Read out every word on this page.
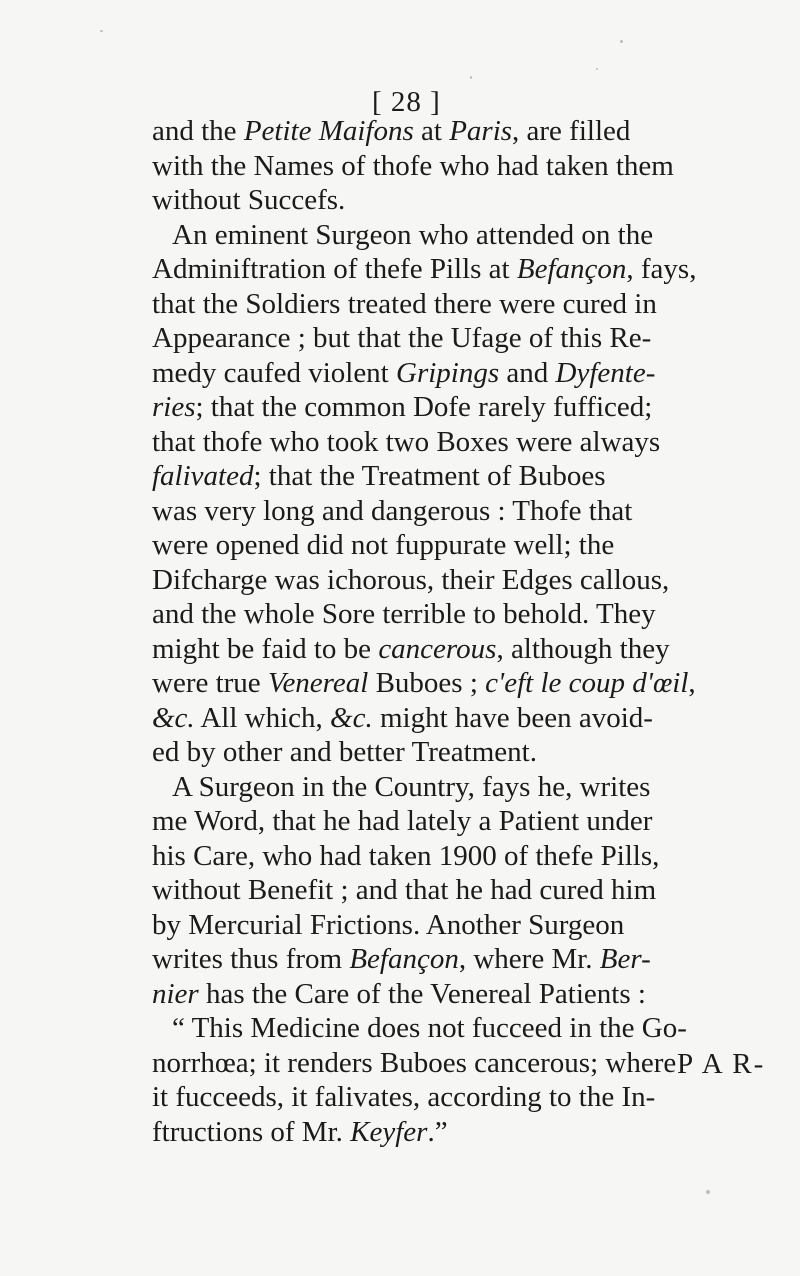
[ 28 ]
and the Petite Maifons at Paris, are filled
with the Names of thofe who had taken them
without Succefs.
An eminent Surgeon who attended on the
Adminiftration of thefe Pills at Befançon, fays,
that the Soldiers treated there were cured in
Appearance ; but that the Ufage of this Re-
medy caufed violent Gripings and Dyfente-
ries; that the common Dofe rarely fufficed;
that thofe who took two Boxes were always
falivated; that the Treatment of Buboes
was very long and dangerous : Thofe that
were opened did not fuppurate well; the
Difcharge was ichorous, their Edges callous,
and the whole Sore terrible to behold. They
might be faid to be cancerous, although they
were true Venereal Buboes ; c'eft le coup d'œil,
&c. All which, &c. might have been avoid-
ed by other and better Treatment.
A Surgeon in the Country, fays he, writes
me Word, that he had lately a Patient under
his Care, who had taken 1900 of thefe Pills,
without Benefit ; and that he had cured him
by Mercurial Frictions. Another Surgeon
writes thus from Befançon, where Mr. Ber-
nier has the Care of the Venereal Patients :
“ This Medicine does not fucceed in the Go-
norrhœa; it renders Buboes cancerous; where
it fucceeds, it falivates, according to the In-
ftructions of Mr. Keyfer.”
P A R-
